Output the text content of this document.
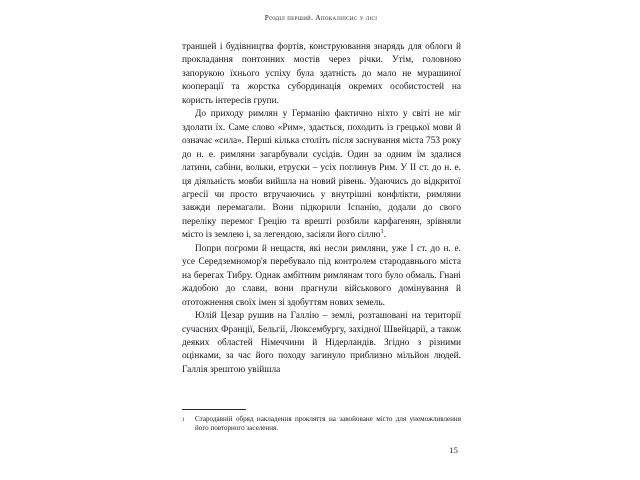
Розділ перший. Апокаліпсис у лісі

траншей і будівництва фортів, конструювання знарядь для облоги й прокладання понтонних мостів через річки. Утім, головною запорукою їхнього успіху була здатність до мало не мурашиної кооперації та жорстка субординація окремих особистостей на користь інтересів групи.

До приходу римлян у Германію фактично ніхто у світі не міг здолати їх. Саме слово «Рим», здається, походить із грецької мови й означає «сила». Перші кілька століть після заснування міста 753 року до н. е. римляни загарбували сусідів. Один за одним їм здалися латини, сабіни, вольки, етруски – усіх поглинув Рим. У ІІ ст. до н. е. ця діяльність мовби вийшла на новий рівень. Удаючись до відкритої агресії чи просто втручаючись у внутрішні конфлікти, римляни завжди перемагали. Вони підкорили Іспанію, додали до свого переліку перемог Грецію та врешті розбили карфагенян, зрівняли місто із землею і, за легендою, засіяли його сіллю$^1$.

Попри погроми й нещастя, які несли римляни, уже І ст. до н. е. усе Середземномор'я перебувало під контролем стародавнього міста на берегах Тибру. Однак амбітним римлянам того було обмаль. Гнані жадобою до слави, вони прагнули військового домінування й ототожнення своїх імен зі здобуттям нових земель.

Юлій Цезар рушив на Галлію – землі, розташовані на території сучасних Франції, Бельгії, Люксембургу, західної Швейцарії, а також деяких областей Німеччини й Нідерландів. Згідно з різними оцінками, за час його походу загинуло приблизно мільйон людей. Галлія зрештою увійшла

1	Стародавній обряд накладення прокляття на завойоване місто для унеможливлення його повторного заселення.
15
